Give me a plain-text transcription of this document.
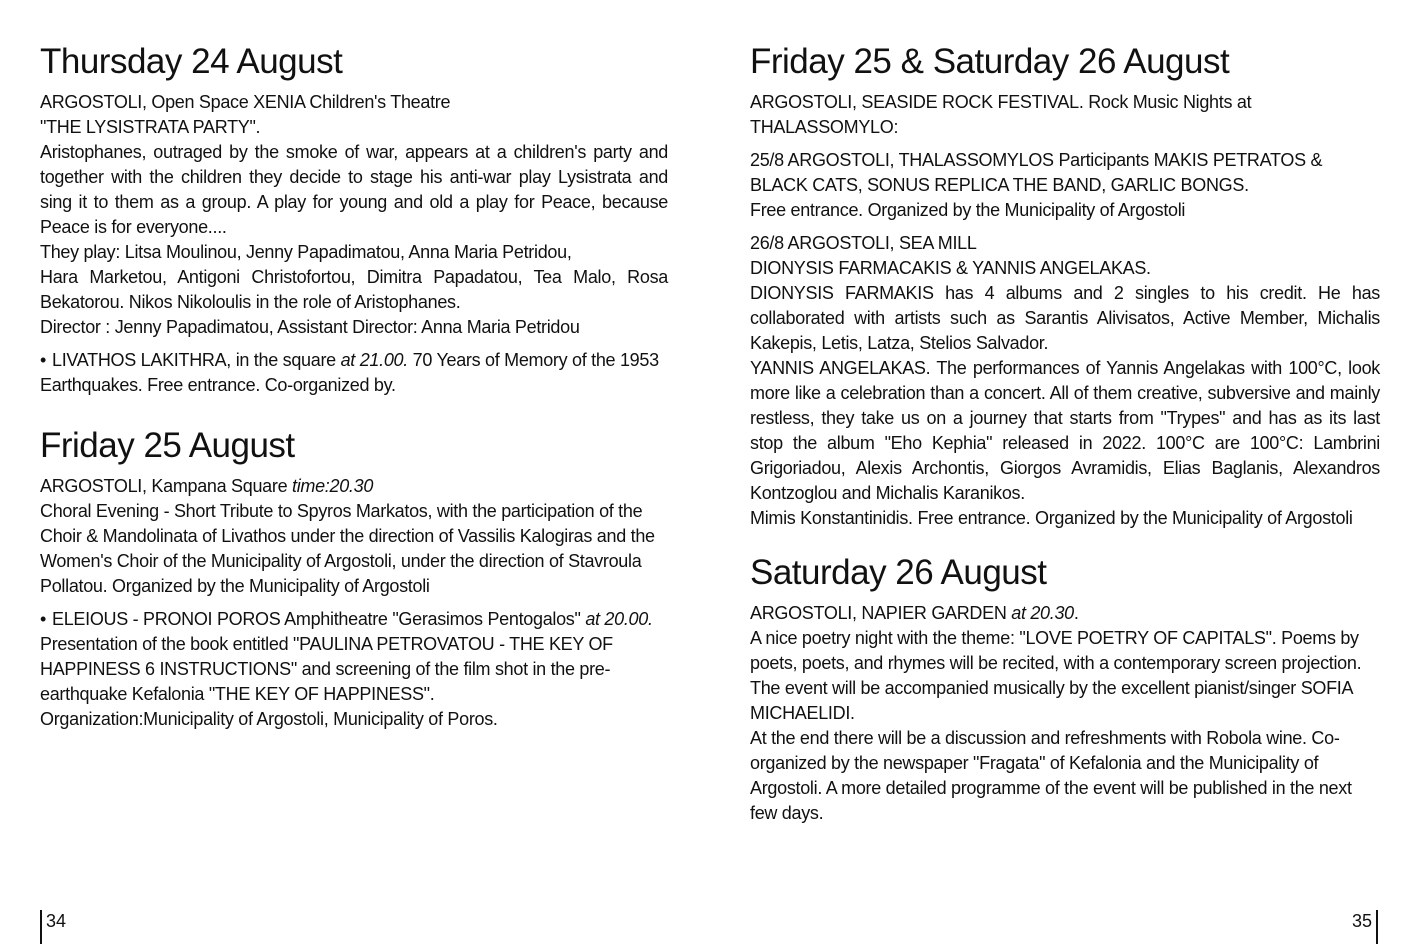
Thursday 24 August

ARGOSTOLI, Open Space XENIA Children's Theatre

"THE LYSISTRATA PARTY".

Aristophanes, outraged by the smoke of war, appears at a children's party and together with the children they decide to stage his anti-war play Lysistrata and sing it to them as a group. A play for young and old a play for Peace, because Peace is for everyone....

They play: Litsa Moulinou, Jenny Papadimatou, Anna Maria Petridou,

Hara Marketou, Antigoni Christofortou, Dimitra Papadatou, Tea Malo, Rosa Bekatorou. Nikos Nikoloulis in the role of Aristophanes.

Director : Jenny Papadimatou, Assistant Director: Anna Maria Petridou

• LIVATHOS LAKITHRA, in the square at 21.00. 70 Years of Memory of the 1953 Earthquakes. Free entrance. Co-organized by.

Friday 25 August

ARGOSTOLI, Kampana Square time:20.30

Choral Evening - Short Tribute to Spyros Markatos, with the participation of the Choir & Mandolinata of Livathos under the direction of Vassilis Kalogiras and the Women's Choir of the Municipality of Argostoli, under the direction of Stavroula Pollatou. Organized by the Municipality of Argostoli

• ELEIOUS - PRONOI POROS Amphitheatre "Gerasimos Pentogalos" at 20.00. Presentation of the book entitled "PAULINA PETROVATOU - THE KEY OF HAPPINESS 6 INSTRUCTIONS" and screening of the film shot in the pre-earthquake Kefalonia "THE KEY OF HAPPINESS".

Organization:Municipality of Argostoli, Municipality of Poros.

Friday 25 & Saturday 26 August

ARGOSTOLI, SEASIDE ROCK FESTIVAL. Rock Music Nights at

THALASSOMYLO:

25/8 ARGOSTOLI, THALASSOMYLOS Participants MAKIS PETRATOS &

BLACK CATS, SONUS REPLICA THE BAND, GARLIC BONGS.

Free entrance. Organized by the Municipality of Argostoli

26/8 ARGOSTOLI, SEA MILL

DIONYSIS FARMACAKIS & YANNIS ANGELAKAS.

DIONYSIS FARMAKIS has 4 albums and 2 singles to his credit. He has collaborated with artists such as Sarantis Alivisatos, Active Member, Michalis Kakepis, Letis, Latza, Stelios Salvador.

YANNIS ANGELAKAS. The performances of Yannis Angelakas with 100°C, look more like a celebration than a concert. All of them creative, subversive and mainly restless, they take us on a journey that starts from "Trypes" and has as its last stop the album "Eho Kephia" released in 2022. 100°C are 100°C: Lambrini Grigoriadou, Alexis Archontis, Giorgos Avramidis, Elias Baglanis, Alexandros Kontzoglou and Michalis Karanikos.

Mimis Konstantinidis. Free entrance. Organized by the Municipality of Argostoli

Saturday 26 August

ARGOSTOLI, NAPIER GARDEN at 20.30.

A nice poetry night with the theme: "LOVE POETRY OF CAPITALS". Poems by poets, poets, and rhymes will be recited, with a contemporary screen projection. The event will be accompanied musically by the excellent pianist/singer SOFIA MICHAELIDI.

At the end there will be a discussion and refreshments with Robola wine. Co-organized by the newspaper "Fragata" of Kefalonia and the Municipality of Argostoli. A more detailed programme of the event will be published in the next few days.

34	35
